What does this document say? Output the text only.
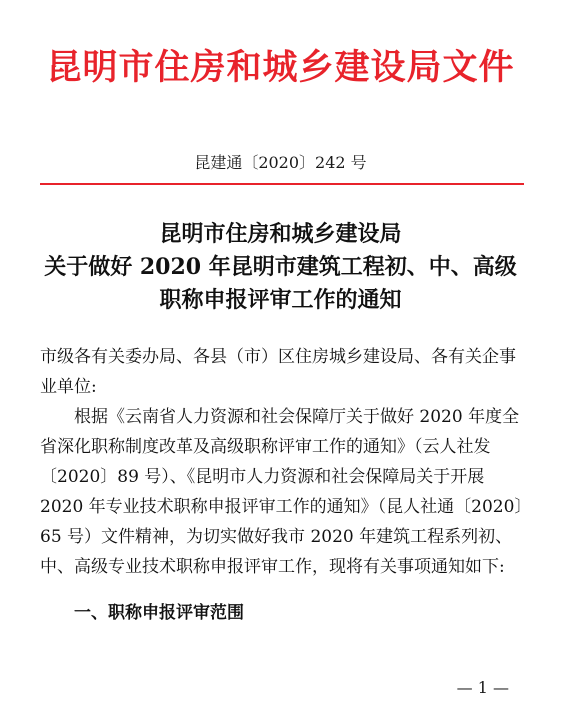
昆明市住房和城乡建设局文件
昆建通〔2020〕242 号
昆明市住房和城乡建设局
关于做好 2020 年昆明市建筑工程初、中、高级
职称申报评审工作的通知

市级各有关委办局、各县（市）区住房城乡建设局、各有关企事业单位:

根据《云南省人力资源和社会保障厅关于做好 2020 年度全省深化职称制度改革及高级职称评审工作的通知》（云人社发〔2020〕89 号）、《昆明市人力资源和社会保障局关于开展 2020 年专业技术职称申报评审工作的通知》（昆人社通〔2020〕65 号）文件精神，为切实做好我市 2020 年建筑工程系列初、中、高级专业技术职称申报评审工作，现将有关事项通知如下:

一、职称申报评审范围
— 1 —
